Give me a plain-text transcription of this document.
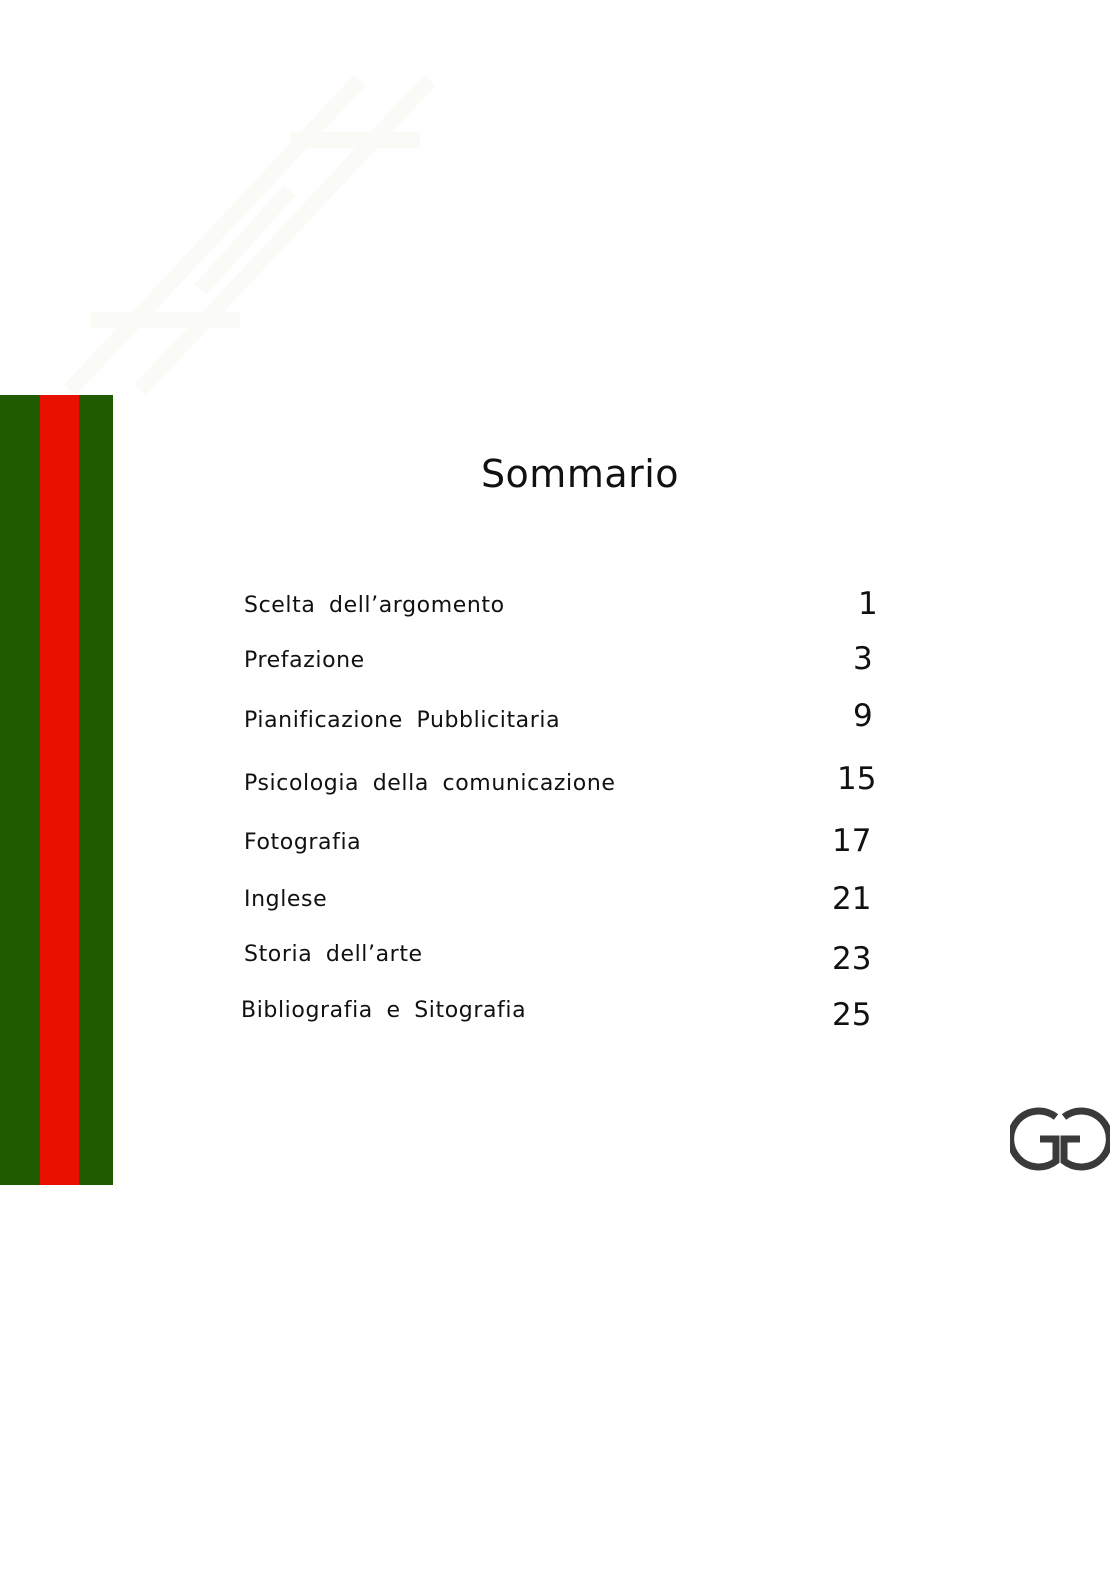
Sommario
Scelta dell’argomento	1
Prefazione	3
Pianificazione Pubblicitaria	9
Psicologia della comunicazione	15
Fotografia	17
Inglese	21
Storia dell’arte	23
Bibliografia e Sitografia	25
